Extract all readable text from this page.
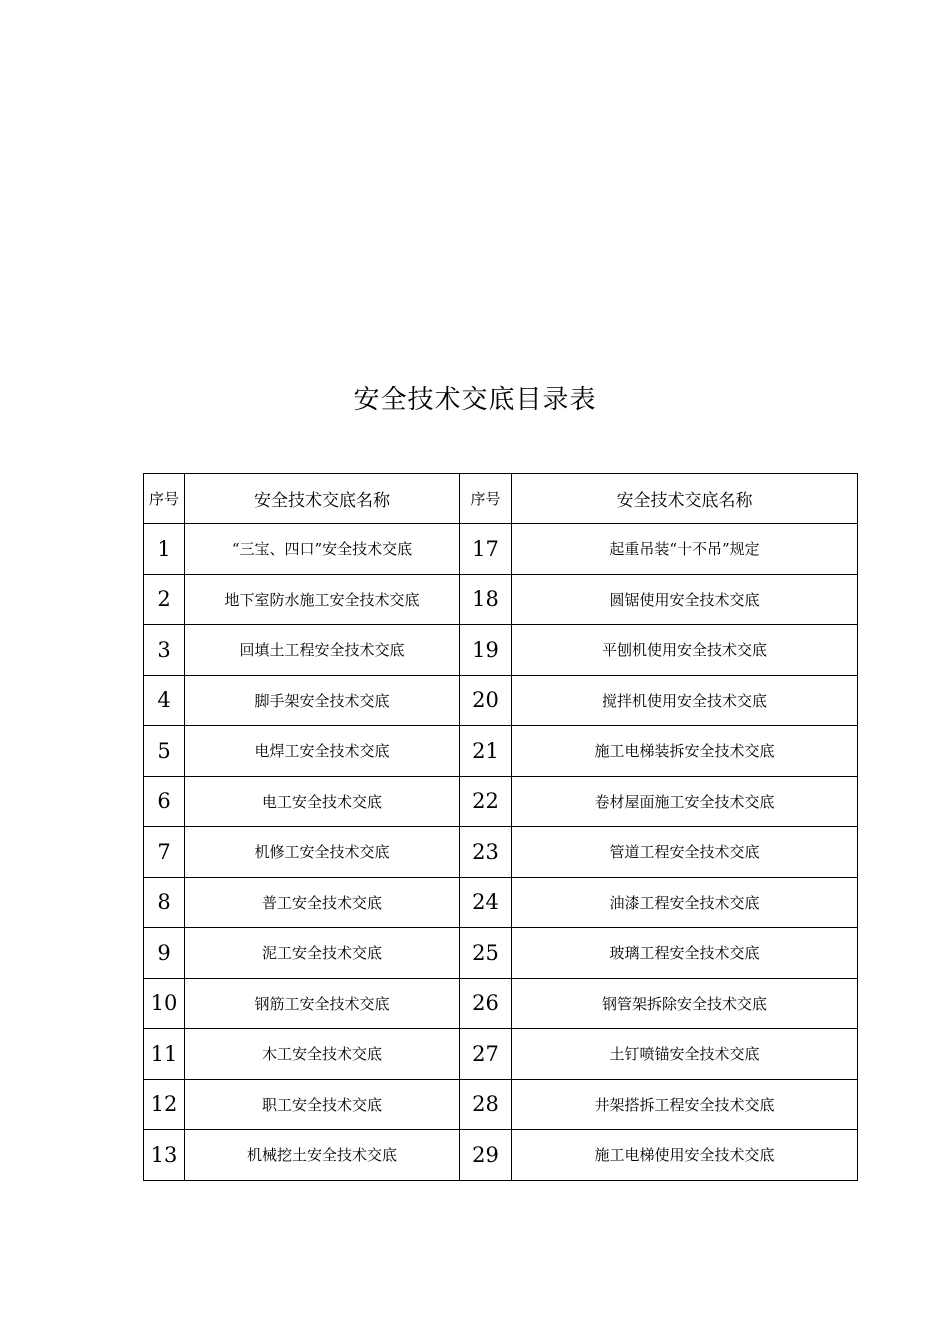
安全技术交底目录表
序号	安全技术交底名称	序号	安全技术交底名称
1	“三宝、四口”安全技术交底	17	起重吊装“十不吊”规定
2	地下室防水施工安全技术交底	18	圆锯使用安全技术交底
3	回填土工程安全技术交底	19	平刨机使用安全技术交底
4	脚手架安全技术交底	20	搅拌机使用安全技术交底
5	电焊工安全技术交底	21	施工电梯装拆安全技术交底
6	电工安全技术交底	22	卷材屋面施工安全技术交底
7	机修工安全技术交底	23	管道工程安全技术交底
8	普工安全技术交底	24	油漆工程安全技术交底
9	泥工安全技术交底	25	玻璃工程安全技术交底
10	钢筋工安全技术交底	26	钢管架拆除安全技术交底
11	木工安全技术交底	27	土钉喷锚安全技术交底
12	职工安全技术交底	28	井架搭拆工程安全技术交底
13	机械挖土安全技术交底	29	施工电梯使用安全技术交底
